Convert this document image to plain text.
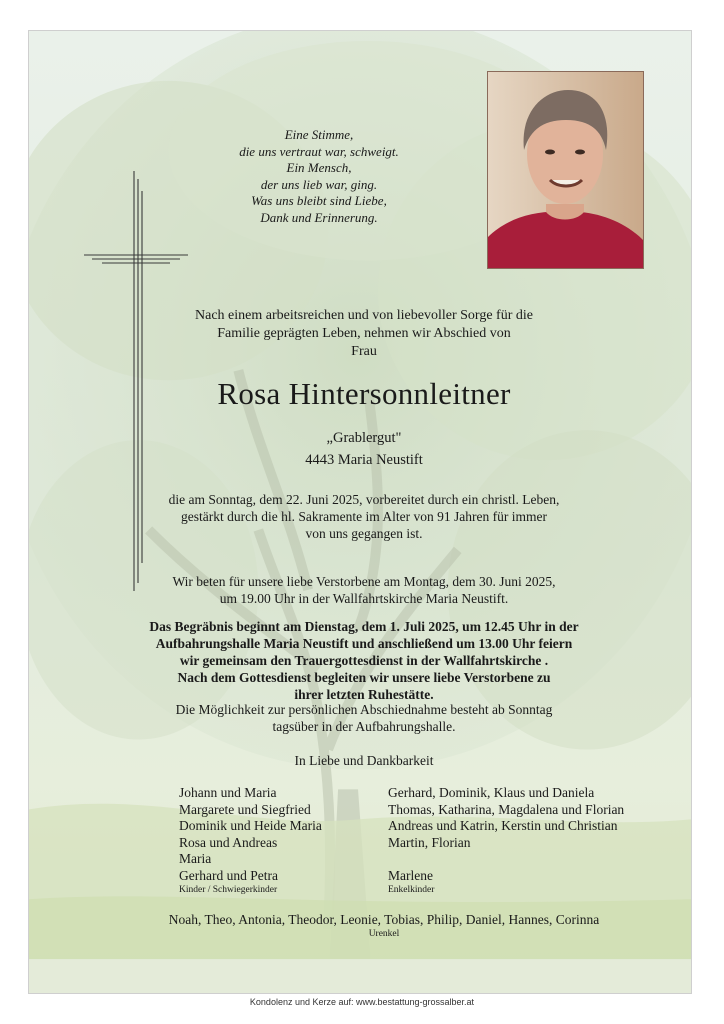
Eine Stimme,
die uns vertraut war, schweigt.
Ein Mensch,
der uns lieb war, ging.
Was uns bleibt sind Liebe,
Dank und Erinnerung.
Nach einem arbeitsreichen und von liebevoller Sorge für die
Familie geprägten Leben, nehmen wir Abschied von
Frau
Rosa Hintersonnleitner
„Grablergut"
4443 Maria Neustift
die am Sonntag, dem 22. Juni 2025, vorbereitet durch ein christl. Leben,
gestärkt durch die hl. Sakramente im Alter von 91 Jahren für immer
von uns gegangen ist.
Wir beten für unsere liebe Verstorbene am Montag, dem 30. Juni 2025,
um 19.00 Uhr in der Wallfahrtskirche Maria Neustift.
Das Begräbnis beginnt am Dienstag, dem 1. Juli 2025, um 12.45 Uhr in der
Aufbahrungshalle Maria Neustift und anschließend um 13.00 Uhr feiern
wir gemeinsam den Trauergottesdienst in der Wallfahrtskirche .
Nach dem Gottesdienst begleiten wir unsere liebe Verstorbene zu
ihrer letzten Ruhestätte.
Die Möglichkeit zur persönlichen Abschiednahme besteht ab Sonntag
tagsüber in der Aufbahrungshalle.
In Liebe und Dankbarkeit
Johann und Maria
Margarete und Siegfried
Dominik und Heide Maria
Rosa und Andreas
Maria
Gerhard und Petra
Kinder / Schwiegerkinder
Gerhard, Dominik, Klaus und Daniela
Thomas, Katharina, Magdalena und Florian
Andreas und Katrin, Kerstin und Christian
Martin, Florian

Marlene
Enkelkinder
Noah, Theo, Antonia, Theodor, Leonie, Tobias, Philip, Daniel, Hannes, Corinna
Urenkel
Kondolenz und Kerze auf: www.bestattung-grossalber.at
